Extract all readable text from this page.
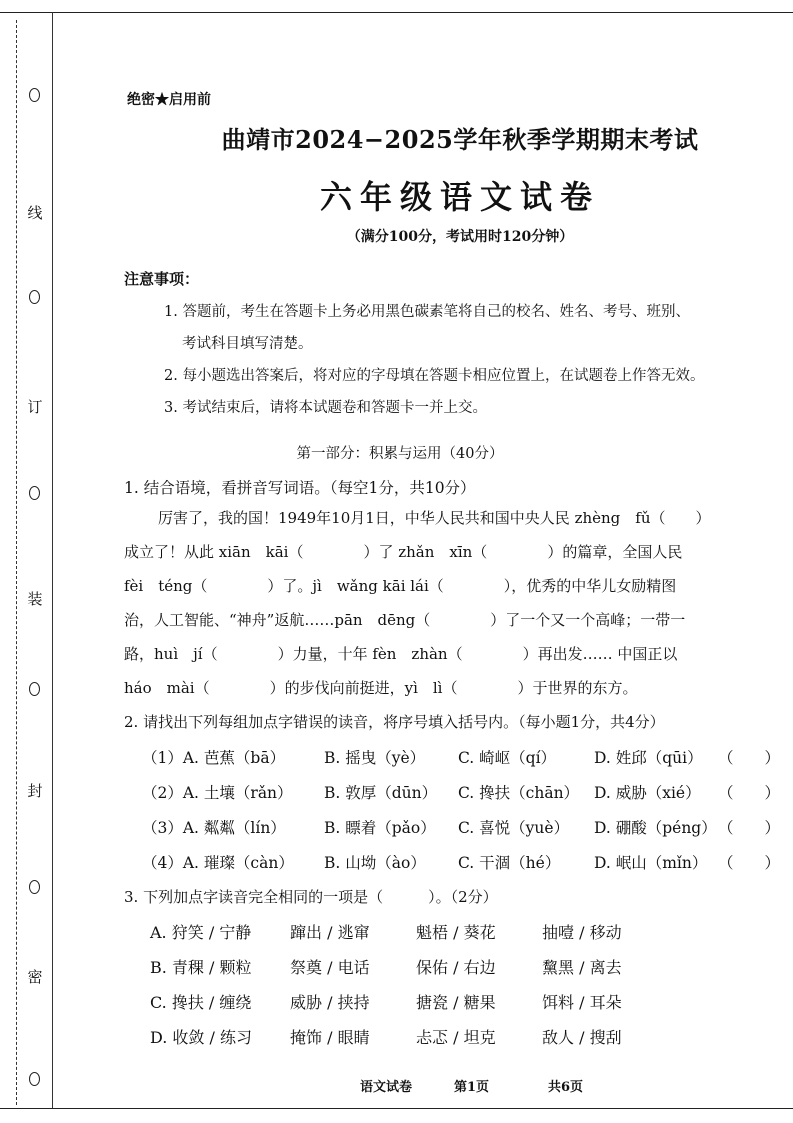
线
订
装
封
密
绝密★启用前
曲靖市2024−2025学年秋季学期期末考试
六年级语文试卷
（满分100分，考试用时120分钟）
注意事项：
1. 答题前，考生在答题卡上务必用黑色碳素笔将自己的校名、姓名、考号、班别、
考试科目填写清楚。
2. 每小题选出答案后，将对应的字母填在答题卡相应位置上，在试题卷上作答无效。
3. 考试结束后，请将本试题卷和答题卡一并上交。
第一部分：积累与运用（40分）
1. 结合语境，看拼音写词语。（每空1分，共10分）
厉害了，我的国！1949年10月1日，中华人民共和国中央人民 zhèng　fǔ（　　）
成立了！从此 xiān　kāi（　　　　）了 zhǎn　xīn（　　　　）的篇章，全国人民
fèi　téng（　　　　）了。jì　wǎng kāi lái（　　　　），优秀的中华儿女励精图
治，人工智能、“神舟”返航……pān　dēng（　　　　）了一个又一个高峰；一带一
路，huì　jí（　　　　）力量，十年 fèn　zhàn（　　　　）再出发…… 中国正以
háo　mài（　　　　）的步伐向前挺进，yì　lì（　　　　）于世界的东方。
2. 请找出下列每组加点字错误的读音，将序号填入括号内。（每小题1分，共4分）
（1）A. 芭蕉（bā）	B. 摇曳（yè） C. 崎岖（qí） D. 姓邱（qūi） （　　）
（2）A. 土壤（rǎn） B. 敦厚（dūn） C. 搀扶（chān） D. 威胁（xié） （　　）
（3）A. 粼粼（lín） B. 瞟着（pǎo） C. 喜悦（yuè） D. 硼酸（péng） （　　）
（4）A. 璀璨（càn） B. 山坳（ào） C. 干涸（hé） D. 岷山（mǐn） （　　）
3. 下列加点字读音完全相同的一项是（　　　）。（2分）
A. 狩笑 / 宁静 蹿出 / 逃窜	魁梧 / 葵花	抽噎 / 移动
B. 青稞 / 颗粒 祭奠 / 电话	保佑 / 右边	黧黑 / 离去
C. 搀扶 / 缠绕 威胁 / 挟持	搪瓷 / 糖果	饵料 / 耳朵
D. 收敛 / 练习 掩饰 / 眼睛	忐忑 / 坦克	敌人 / 搜刮
语文试卷	第1页	共6页
